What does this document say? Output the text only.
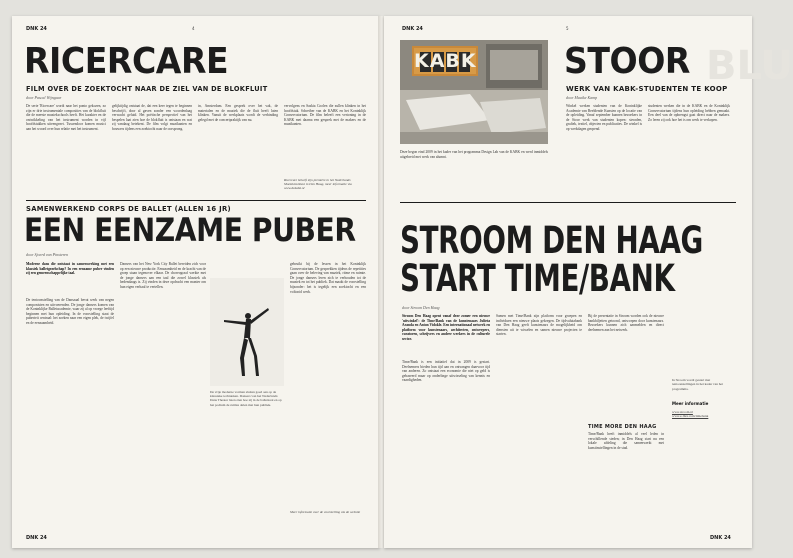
DNK 24	4
RICERCARE
FILM OVER DE ZOEKTOCHT NAAR DE ZIEL VAN DE BLOKFLUIT
door Pascal Wijngaar

De serie 'Ricercare' wordt naar het ponto gekozen, zo zijn er drie instrumentale composities van de blokfluit die de meeste muziekschools heeft. Het karakter en de ontwikkeling van het instrument worden in vijf hoofdstukken uiteengezet. Tussendoor komen musici aan het woord over hun relatie met het instrument.

gelijktijdig ontstaat de, dat een keer tegen te beginnen beschrijft, door al gaven zonder een woordenlaag verwacht geluid. Het poëtische perspectief van het bespelen laat zien hoe de blokfluit is ontstaan en wat zij vandaag betekent. De film volgt muzikanten en bouwers tijdens een zoektocht naar de oorsprong.

in, Amsterdam. Een gesprek over het vak, de materialen en de muziek die de fluit heeft laten klinken. Vanuit de werkplaats wordt de verbinding gelegd met de concertpraktijk van nu.

vervolgens en Saskia Coolen die zullen klinken in het hoofdstuk. Schreiber van de KABK en het Koninklijk Conservatorium. De film beleeft een vertoning in de KABK met daarna een gesprek met de makers en de muzikanten.

Ricercare beleeft zijn première in het Nederlands Muziekinstituut in Den Haag, meer informatie via www.dekabk.nl
SAMENWERKEND CORPS DE BALLET (ALLEN 16 JR)
EEN EENZAME PUBER
door Sjoerd van Pinxteren

Moderne dans die ontstaat in samenwerking met een klassiek balletgezelschap? In een eenzame puber vinden zij een gemeenschappelijke taal.

De tentoonstelling van de Danszaal bevat werk van negen componisten en uitvoerenden. De jonge dansers komen van de Koninklijke Balletacademie, waar zij al op vroege leeftijd beginnen met hun opleiding. In de voorstelling staat de puberteit centraal: het zoeken naar een eigen plek, de twijfel en de eenzaamheid.

Dansers van het New York City Ballet bereiden zich voor op een nieuwe productie. Eenzaamheid en de kracht van de groep staan tegenover elkaar. De choreograaf werkte met de jonge dansers aan een taal die zowel klassiek als hedendaags is. Zij vinden in deze opdracht een manier om hun eigen verhaal te vertellen.

De vrije moderne vormen sluiten goed aan op de klassieke technieken. Dansers van het Nederlands Dans Theater laten zien hoe zij in de balletzaal en op het podium de ruimte delen met hun publiek.

gebruikt bij de lessen in het Koninklijk Conservatorium. De gesprekken tijdens de repetities gaan over de beleving van muziek, ritme en ruimte. De jonge dansers leren zich te verhouden tot de muziek en tot het publiek. Dat maakt de voorstelling bijzonder: het is tegelijk een zoektocht en een voltooid werk.

Meer informatie over de voorstelling via de website
DNK 24
DNK 24	5
BLU
KABK STOOR
WERK VAN KABK-STUDENTEN TE KOOP
door Maaike Kamp

Winkel werken studenten van de Koninklijke Academie van Beeldende Kunsten op de locatie van de opleiding. Vanaf september kunnen bezoekers in de Stoor werk van studenten kopen: sieraden, grafiek, textiel, objecten en publicaties. De winkel is op werkdagen geopend.

studenten werken die in de KABK en de Koninklijk Conservatorium tijdens hun opleiding hebben gemaakt. Een deel van de opbrengst gaat direct naar de makers. Zo leren zij ook hoe het is om werk te verkopen.

Deze begon eind 2009 in het kader van het programma Design Lab van de KABK en werd inmiddels uitgebreid met werk van alumni.

STROOM DEN HAAG
START TIME/BANK
door Stroom Den Haag

Stroom Den Haag opent vanaf deze zomer een nieuwe 'uitwinkel': de Time/Bank van de kunstenaars Julieta Aranda en Anton Vidokle. Een internationaal netwerk en platform voor kunstenaars, architecten, ontwerpers, curatoren, schrijvers en andere werkers in de culturele sector.

Time/Bank is een initiatief dat in 2009 is gestart. Deelnemers bieden hun tijd aan en ontvangen daarvoor tijd van anderen. Zo ontstaat een economie die niet op geld is gebaseerd maar op onderlinge uitwisseling van kennis en vaardigheden.

Samen met Time/Bank zijn platform voor groepen en individuen een nieuwe plaats gekregen. De tijdvalutabank van Den Haag geeft kunstenaars de mogelijkheid om diensten uit te wisselen en samen nieuwe projecten te starten.

Bij de presentatie in Stroom worden ook de nieuwe bankbiljetten getoond, ontworpen door kunstenaars. Bezoekers kunnen zich aanmelden en direct deelnemen aan het netwerk.

TIME MORE DEN HAAG

Time/Bank heeft inmiddels al veel leden in verschillende steden; in Den Haag start nu een lokale afdeling die samenwerkt met kunstinstellingen in de stad.

In Stroom wordt gestart met tentoonstellingen in het kader van het programma.
Meer informatie
www.stroom.nl
www.e-flux.com/timebank
DNK 24
